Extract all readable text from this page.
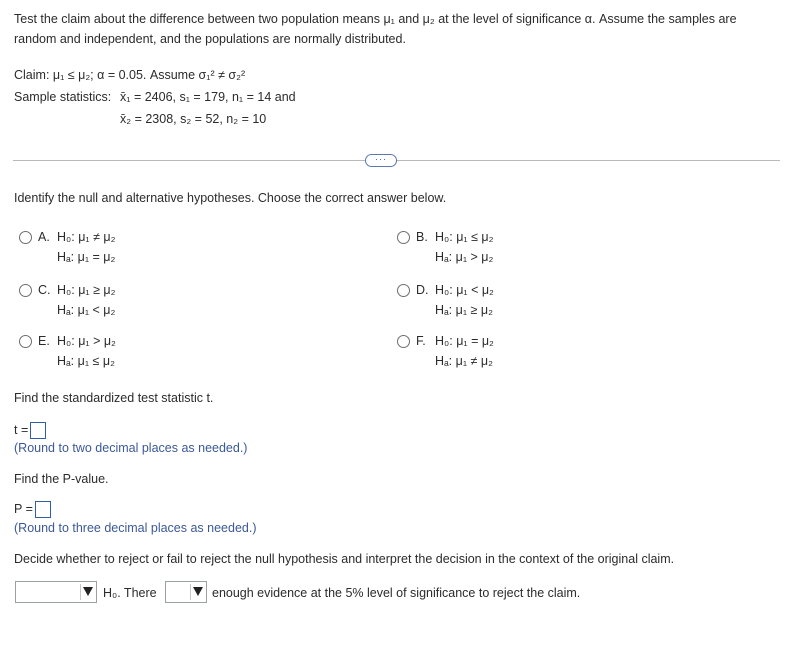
Test the claim about the difference between two population means μ₁ and μ₂ at the level of significance α. Assume the samples are
random and independent, and the populations are normally distributed.
Claim: μ₁ ≤ μ₂; α = 0.05. Assume σ₁² ≠ σ₂²
Sample statistics: x̄₁ = 2406, s₁ = 179, n₁ = 14 and
x̄₂ = 2308, s₂ = 52, n₂ = 10
···
Identify the null and alternative hypotheses. Choose the correct answer below.
A. H₀: μ₁ ≠ μ₂
Hₐ: μ₁ = μ₂
B. H₀: μ₁ ≤ μ₂
Hₐ: μ₁ > μ₂
C. H₀: μ₁ ≥ μ₂
Hₐ: μ₁ < μ₂
D. H₀: μ₁ < μ₂
Hₐ: μ₁ ≥ μ₂
E. H₀: μ₁ > μ₂
Hₐ: μ₁ ≤ μ₂
F. H₀: μ₁ = μ₂
Hₐ: μ₁ ≠ μ₂
Find the standardized test statistic t.
t =
(Round to two decimal places as needed.)
Find the P-value.
P =
(Round to three decimal places as needed.)
Decide whether to reject or fail to reject the null hypothesis and interpret the decision in the context of the original claim.
H₀. There	enough evidence at the 5% level of significance to reject the claim.
